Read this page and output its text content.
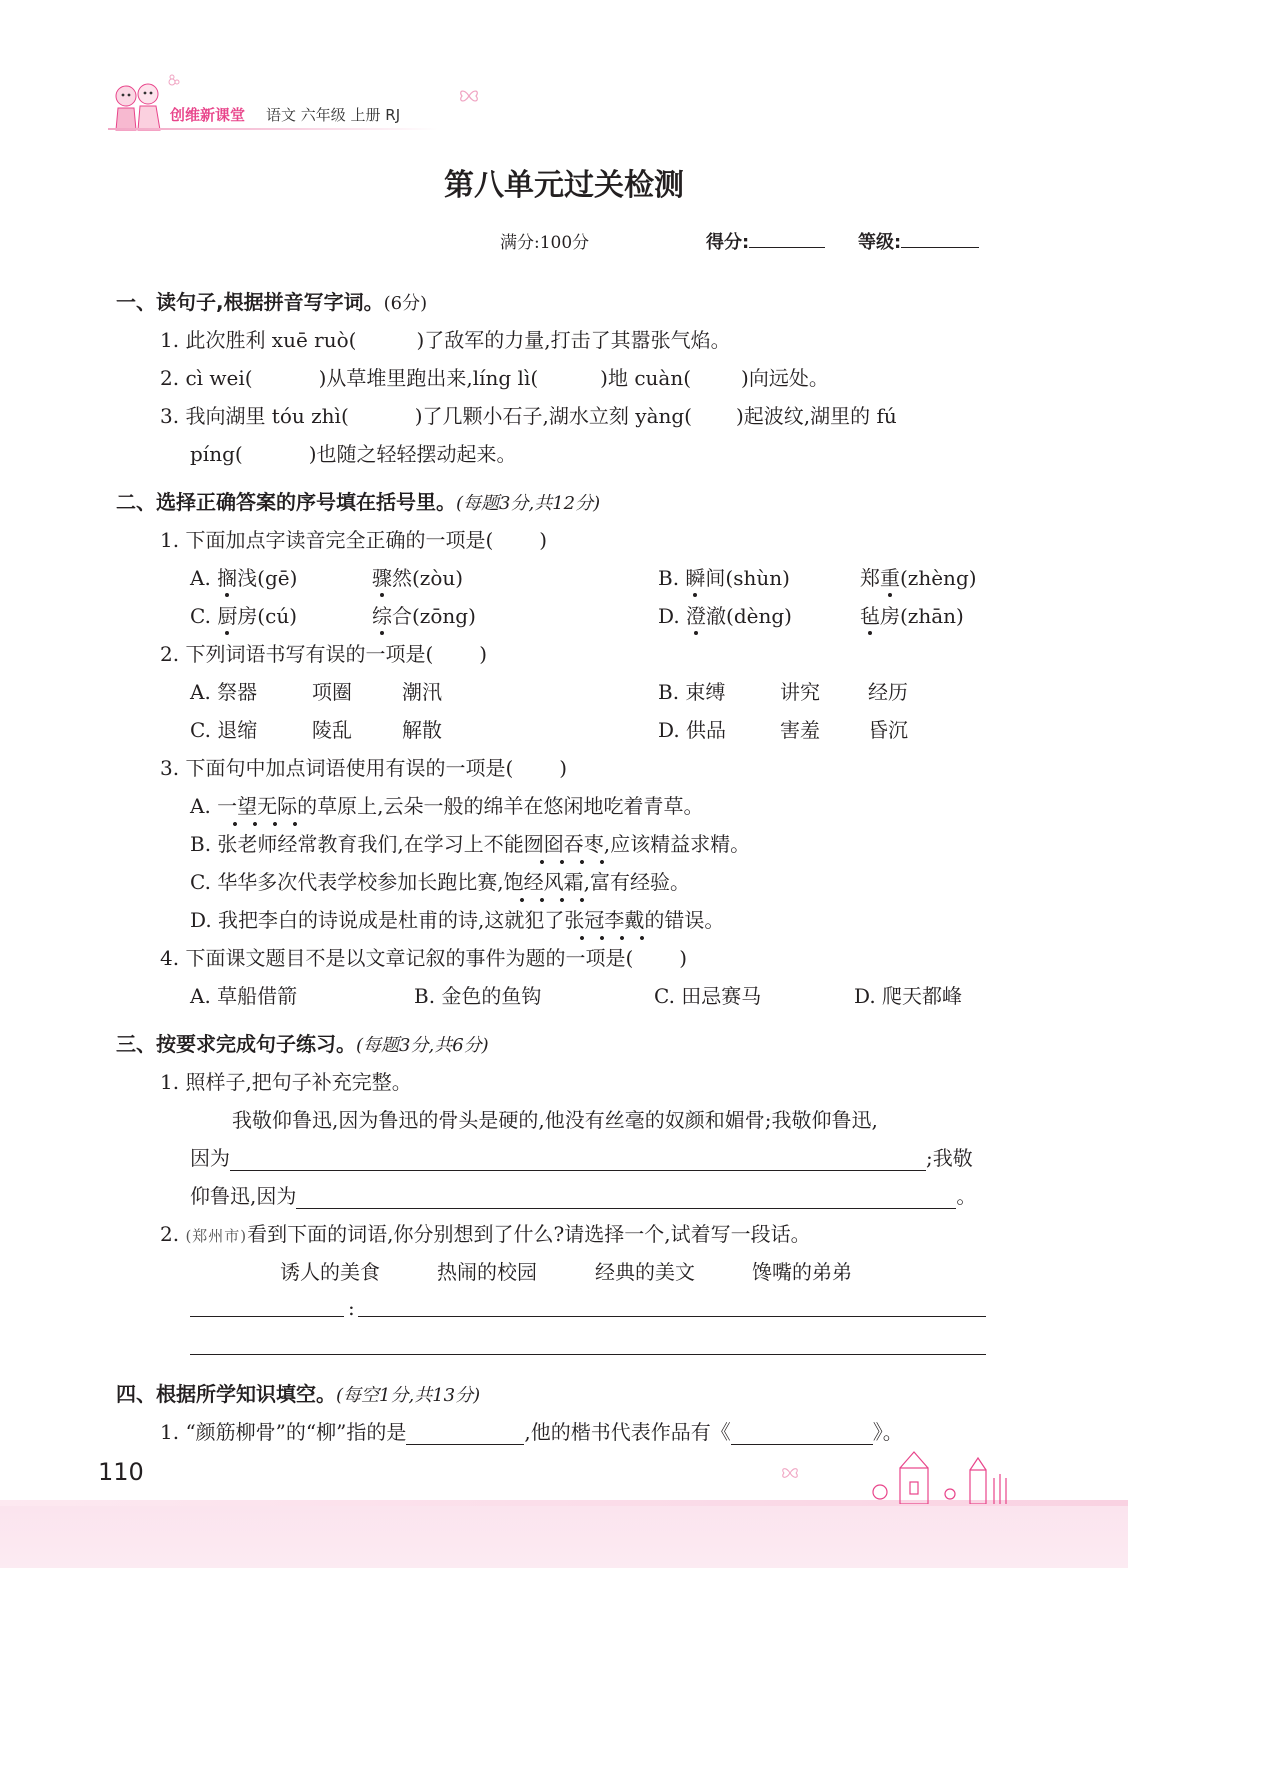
创维新课堂 语文 六年级 上册 RJ
第八单元过关检测
满分:100分	得分:	等级:
一、读句子,根据拼音写字词。(6分)
1. 此次胜利 xuē ruò(	)了敌军的力量,打击了其嚣张气焰。
2. cì wei(	)从草堆里跑出来,líng lì(	)地 cuàn(	)向远处。
3. 我向湖里 tóu zhì(	)了几颗小石子,湖水立刻 yàng( )起波纹,湖里的 fú
píng(	)也随之轻轻摆动起来。
二、选择正确答案的序号填在括号里。(每题3分,共12分)
1. 下面加点字读音完全正确的一项是( )
A. 搁浅(gē)	骤然(zòu)	B. 瞬间(shùn)	郑重(zhèng)
C. 厨房(cú)	综合(zōng)	D. 澄澈(dèng)	毡房(zhān)
2. 下列词语书写有误的一项是( )
A. 祭器	项圈	潮汛	B. 束缚	讲究 经历
C. 退缩	陵乱	解散	D. 供品	害羞 昏沉
3. 下面句中加点词语使用有误的一项是( )
A. 一望无际的草原上,云朵一般的绵羊在悠闲地吃着青草。
B. 张老师经常教育我们,在学习上不能囫囵吞枣,应该精益求精。
C. 华华多次代表学校参加长跑比赛,饱经风霜,富有经验。
D. 我把李白的诗说成是杜甫的诗,这就犯了张冠李戴的错误。
4. 下面课文题目不是以文章记叙的事件为题的一项是( )
A. 草船借箭	B. 金色的鱼钩	C. 田忌赛马	D. 爬天都峰
三、按要求完成句子练习。(每题3分,共6分)
1. 照样子,把句子补充完整。
我敬仰鲁迅,因为鲁迅的骨头是硬的,他没有丝毫的奴颜和媚骨;我敬仰鲁迅,
因为	;我敬
仰鲁迅,因为	。
2. (郑州市)看到下面的词语,你分别想到了什么?请选择一个,试着写一段话。
诱人的美食	热闹的校园	经典的美文	馋嘴的弟弟
:
四、根据所学知识填空。(每空1分,共13分)
1. “颜筋柳骨”的“柳”指的是	,他的楷书代表作品有《	》。
110
